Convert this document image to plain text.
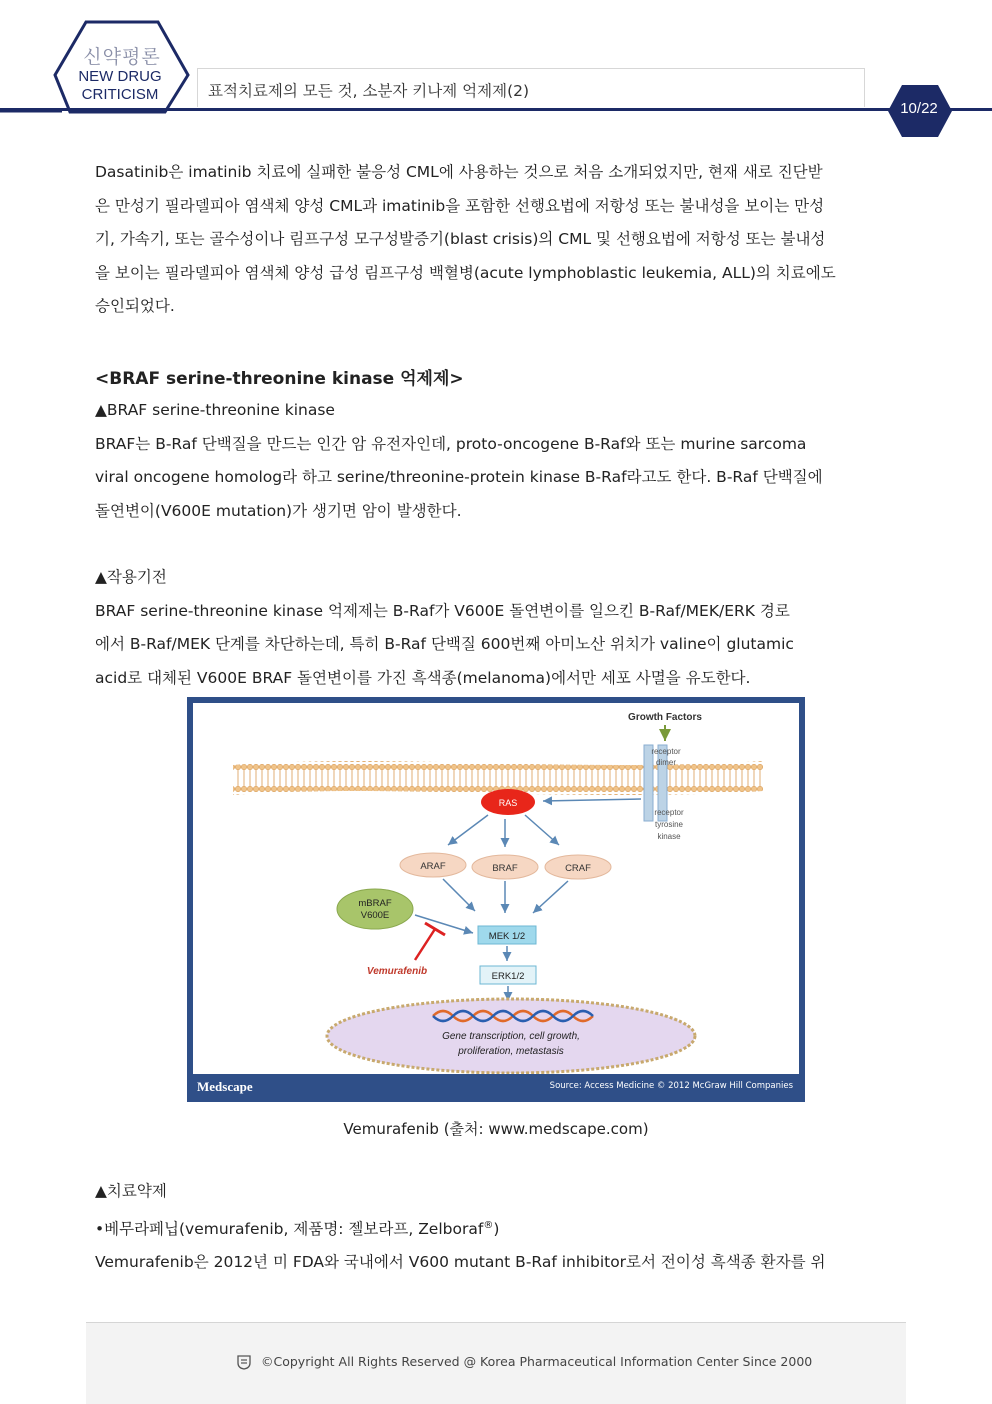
신약평론
NEW DRUG
CRITICISM	표적치료제의 모든 것, 소분자 키나제 억제제(2)
10/22

Dasatinib은 imatinib 치료에 실패한 불응성 CML에 사용하는 것으로 처음 소개되었지만, 현재 새로 진단받

은 만성기 필라델피아 염색체 양성 CML과 imatinib을 포함한 선행요법에 저항성 또는 불내성을 보이는 만성

기, 가속기, 또는 골수성이나 림프구성 모구성발증기(blast crisis)의 CML 및 선행요법에 저항성 또는 불내성

을 보이는 필라델피아 염색체 양성 급성 림프구성 백혈병(acute lymphoblastic leukemia, ALL)의 치료에도

승인되었다.

<BRAF serine-threonine kinase 억제제>

▲BRAF serine-threonine kinase

BRAF는 B-Raf 단백질을 만드는 인간 암 유전자인데, proto-oncogene B-Raf와 또는 murine sarcoma

viral oncogene homolog라 하고 serine/threonine-protein kinase B-Raf라고도 한다. B-Raf 단백질에

돌연변이(V600E mutation)가 생기면 암이 발생한다.

▲작용기전

BRAF serine-threonine kinase 억제제는 B-Raf가 V600E 돌연변이를 일으킨 B-Raf/MEK/ERK 경로

에서 B-Raf/MEK 단계를 차단하는데, 특히 B-Raf 단백질 600번째 아미노산 위치가 valine이 glutamic

acid로 대체된 V600E BRAF 돌연변이를 가진 흑색종(melanoma)에서만 세포 사멸을 유도한다.

Growth Factors
receptor
dimer
receptor
tyrosine
kinase
RAS
ARAF	BRAF	CRAF
mBRAF
V600E
Vemurafenib
MEK 1/2
ERK1/2
Gene transcription, cell growth,
proliferation, metastasis
Medscape	Source: Access Medicine © 2012 McGraw Hill Companies
Vemurafenib (출처: www.medscape.com)

▲치료약제

•베무라페닙(vemurafenib, 제품명: 젤보라프, Zelboraf®)

Vemurafenib은 2012년 미 FDA와 국내에서 V600 mutant B-Raf inhibitor로서 전이성 흑색종 환자를 위

©Copyright All Rights Reserved @ Korea Pharmaceutical Information Center Since 2000
